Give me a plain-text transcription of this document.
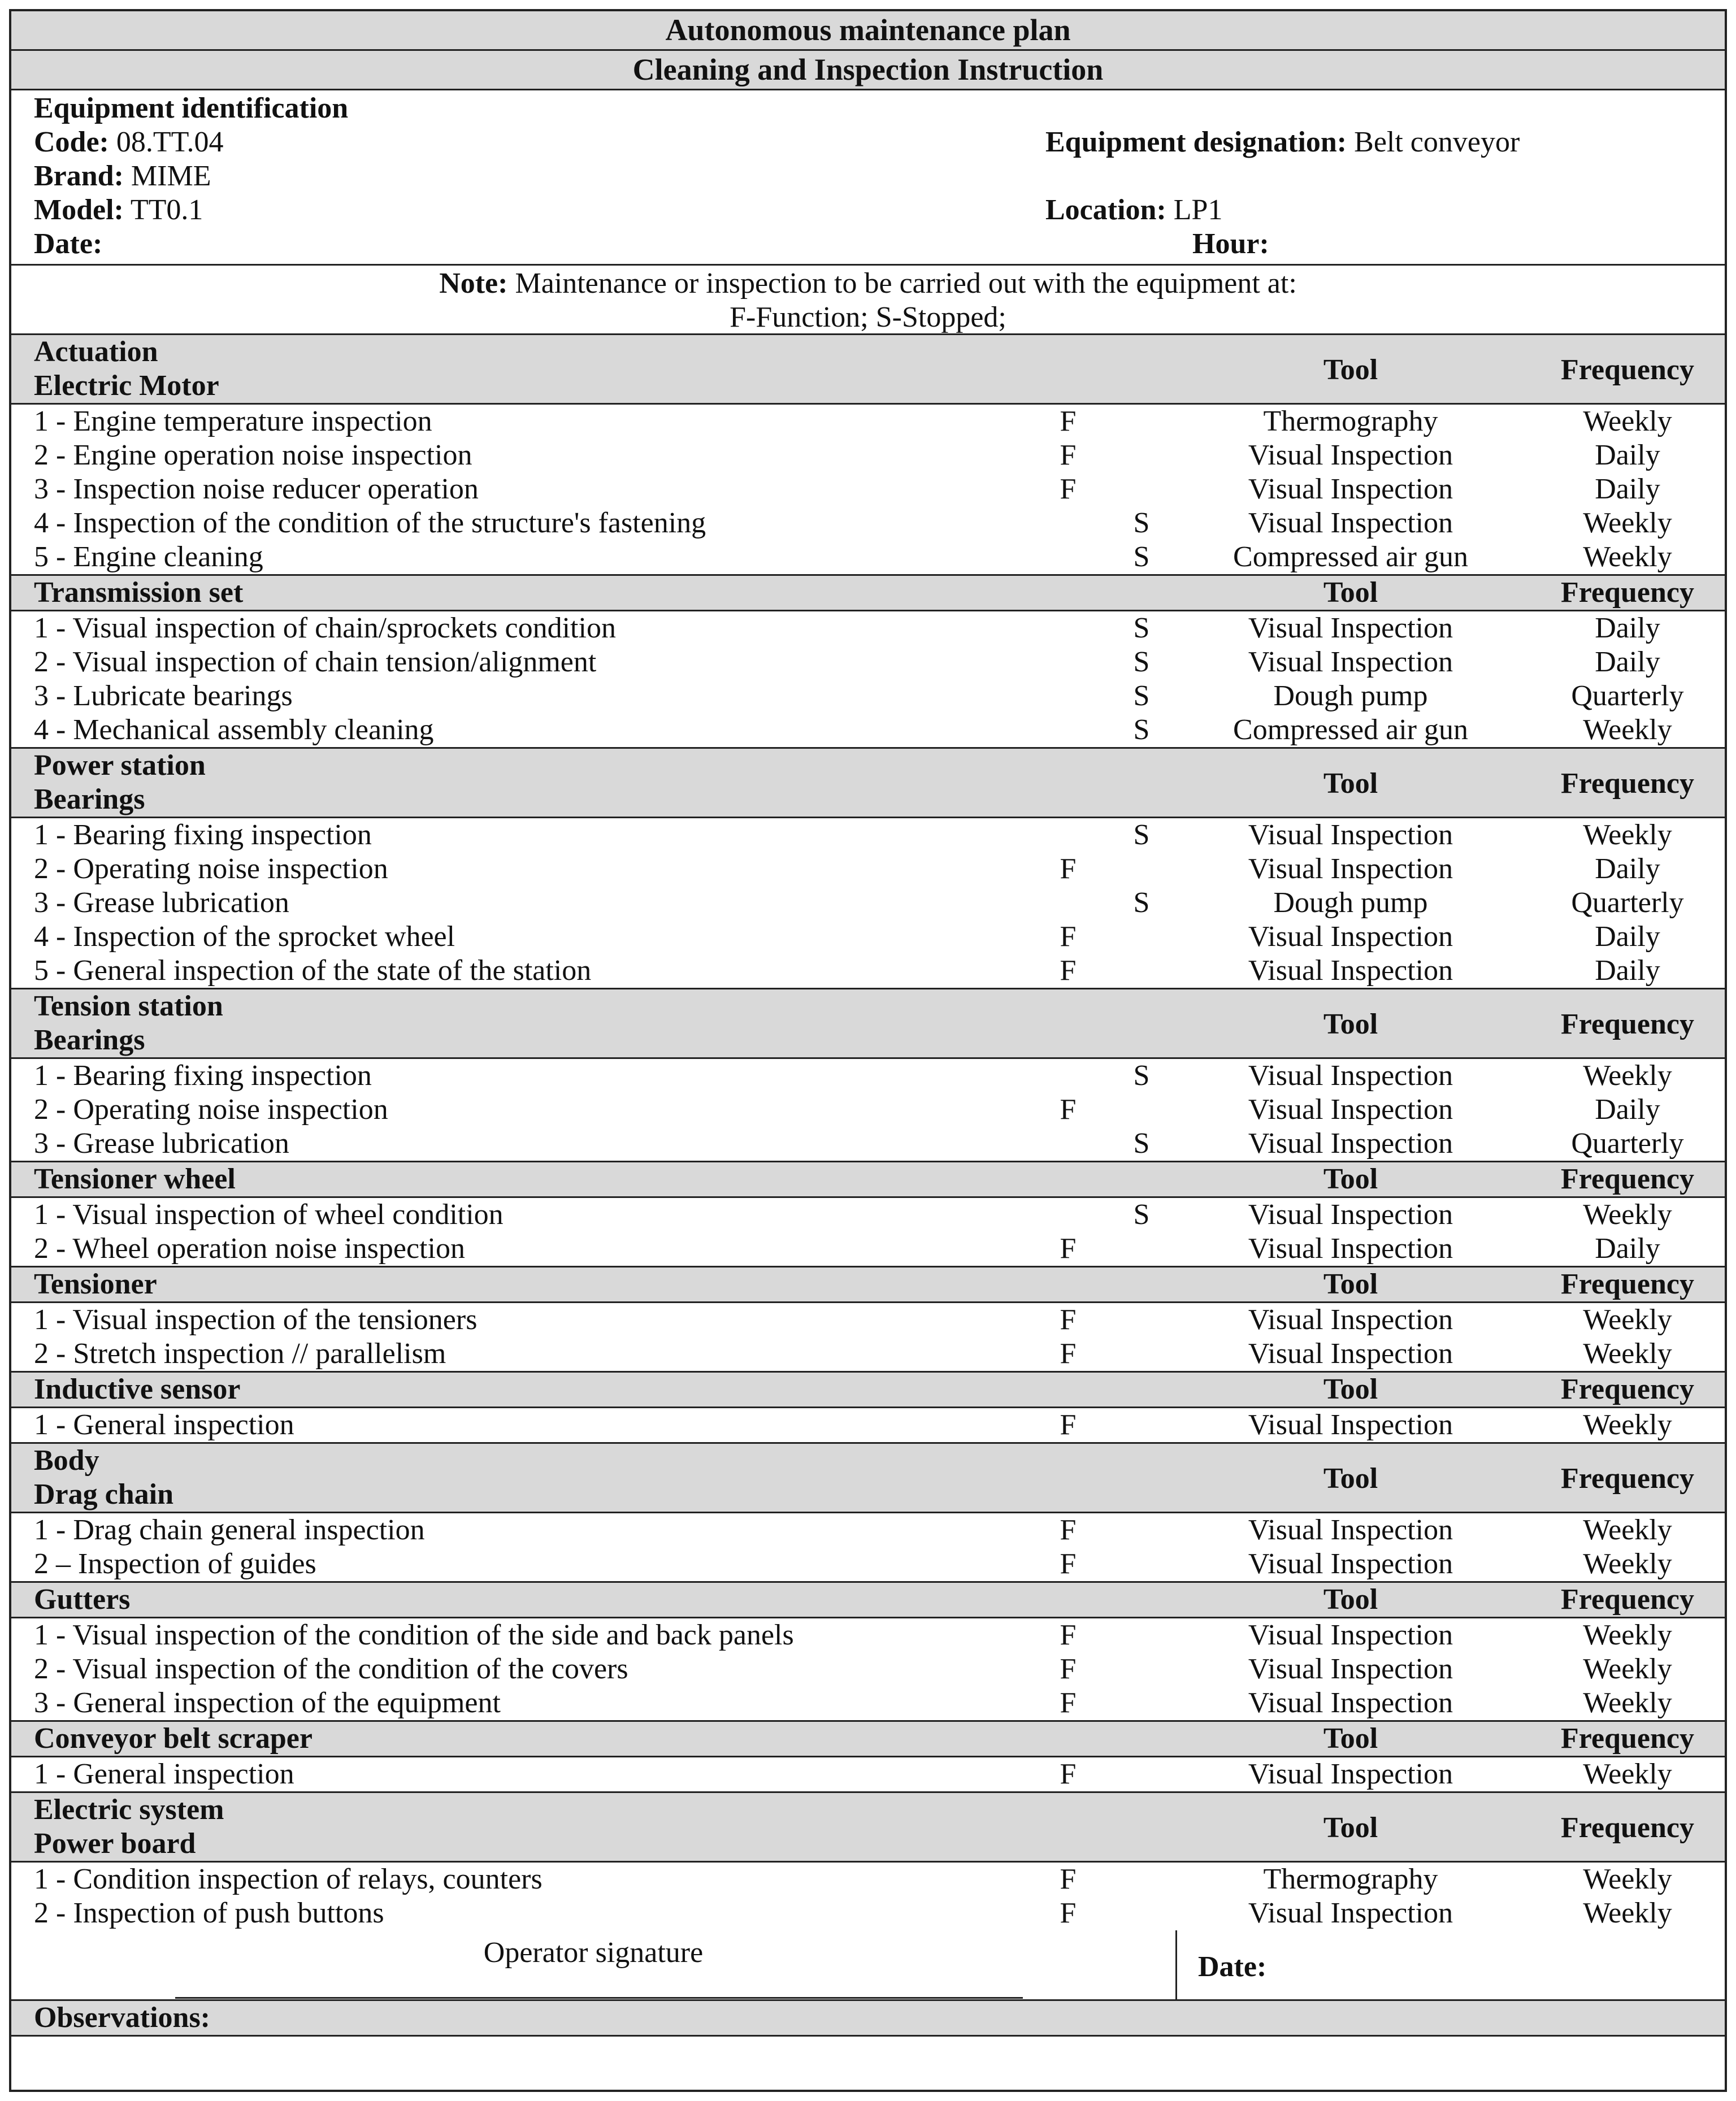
Autonomous maintenance plan
Cleaning and Inspection Instruction
Equipment identification
Code: 08.TT.04	Equipment designation: Belt conveyor
Brand: MIME
Model: TT0.1	Location: LP1
Date:	Hour:
Note: Maintenance or inspection to be carried out with the equipment at:
F-Function; S-Stopped;
Actuation
Electric Motor	Tool	Frequency
1 - Engine temperature inspection	F	Thermography	Weekly
2 - Engine operation noise inspection	F	Visual Inspection	Daily
3 - Inspection noise reducer operation	F	Visual Inspection	Daily
4 - Inspection of the condition of the structure's fastening	S	Visual Inspection	Weekly
5 - Engine cleaning	S	Compressed air gun	Weekly
Transmission set	Tool	Frequency
1 - Visual inspection of chain/sprockets condition	S	Visual Inspection	Daily
2 - Visual inspection of chain tension/alignment	S	Visual Inspection	Daily
3 - Lubricate bearings	S	Dough pump	Quarterly
4 - Mechanical assembly cleaning	S	Compressed air gun	Weekly
Power station
Bearings	Tool	Frequency
1 - Bearing fixing inspection	S	Visual Inspection	Weekly
2 - Operating noise inspection	F	Visual Inspection	Daily
3 - Grease lubrication	S	Dough pump	Quarterly
4 - Inspection of the sprocket wheel	F	Visual Inspection	Daily
5 - General inspection of the state of the station	F	Visual Inspection	Daily
Tension station
Bearings	Tool	Frequency
1 - Bearing fixing inspection	S	Visual Inspection	Weekly
2 - Operating noise inspection	F	Visual Inspection	Daily
3 - Grease lubrication	S	Visual Inspection	Quarterly
Tensioner wheel	Tool	Frequency
1 - Visual inspection of wheel condition	S	Visual Inspection	Weekly
2 - Wheel operation noise inspection	F	Visual Inspection	Daily
Tensioner	Tool	Frequency
1 - Visual inspection of the tensioners	F	Visual Inspection	Weekly
2 - Stretch inspection // parallelism	F	Visual Inspection	Weekly
Inductive sensor	Tool	Frequency
1 - General inspection	F	Visual Inspection	Weekly
Body
Drag chain	Tool	Frequency
1 - Drag chain general inspection	F	Visual Inspection	Weekly
2 – Inspection of guides	F	Visual Inspection	Weekly
Gutters	Tool	Frequency
1 - Visual inspection of the condition of the side and back panels	F	Visual Inspection	Weekly
2 - Visual inspection of the condition of the covers	F	Visual Inspection	Weekly
3 - General inspection of the equipment	F	Visual Inspection	Weekly
Conveyor belt scraper	Tool	Frequency
1 - General inspection	F	Visual Inspection	Weekly
Electric system
Power board	Tool	Frequency
1 - Condition inspection of relays, counters	F	Thermography	Weekly
2 - Inspection of push buttons	F	Visual Inspection	Weekly
Operator signature	Date:
Observations:
